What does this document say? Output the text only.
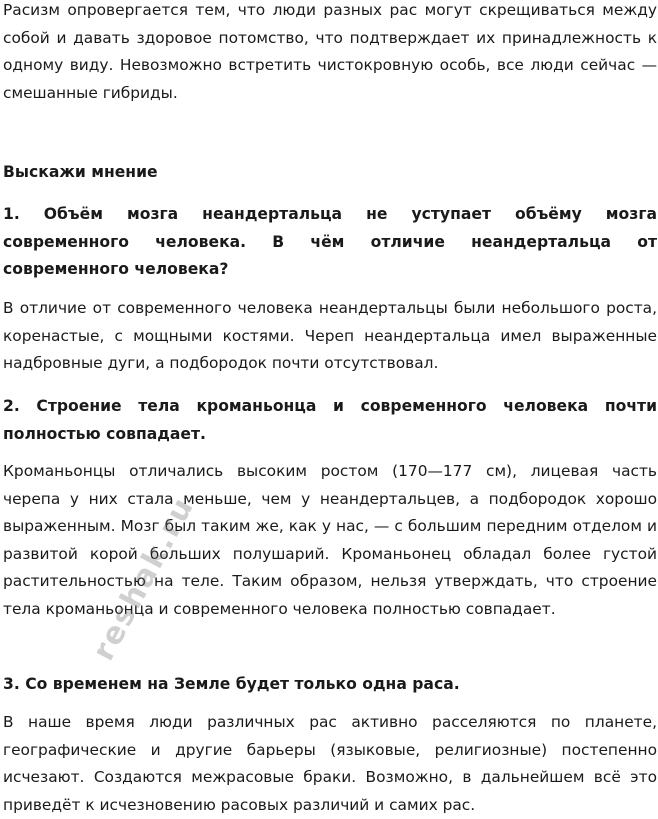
Расизм опровергается тем, что люди разных рас могут скрещиваться между собой и давать здоровое потомство, что подтверждает их принадлежность к одному виду. Невозможно встретить чистокровную особь, все люди сейчас — смешанные гибриды.

Выскажи мнение

1. Объём мозга неандертальца не уступает объёму мозга современного человека. В чём отличие неандертальца от современного человека?

В отличие от современного человека неандертальцы были небольшого роста, коренастые, с мощными костями. Череп неандертальца имел выраженные надбровные дуги, а подбородок почти отсутствовал.

2. Строение тела кроманьонца и современного человека почти полностью совпадает.

Кроманьонцы отличались высоким ростом (170—177 см), лицевая часть черепа у них стала меньше, чем у неандертальцев, а подбородок хорошо выраженным. Мозг был таким же, как у нас, — с большим передним отделом и развитой корой больших полушарий. Кроманьонец обладал более густой растительностью на теле. Таким образом, нельзя утверждать, что строение тела кроманьонца и современного человека полностью совпадает.

3. Со временем на Земле будет только одна раса.

В наше время люди различных рас активно расселяются по планете, географические и другие барьеры (языковые, религиозные) постепенно исчезают. Создаются межрасовые браки. Возможно, в дальнейшем всё это приведёт к исчезновению расовых различий и самих рас.

reshak.ru
